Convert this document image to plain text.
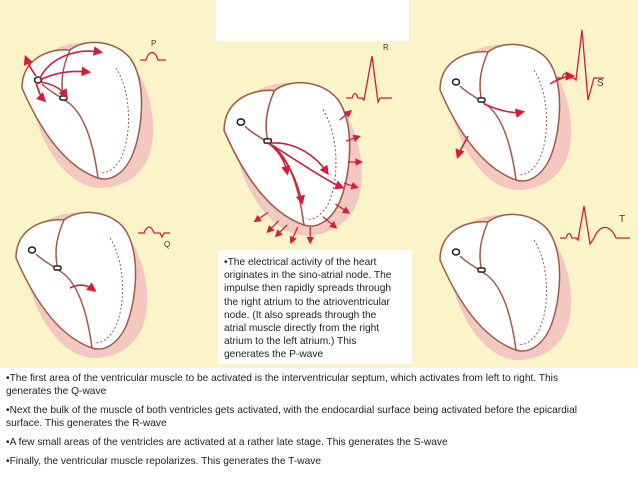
P	R
S
Q
T
•The electrical activity of the heart
originates in the sino-atrial node. The
impulse then rapidly spreads through
the right atrium to the atrioventricular
node. (It also spreads through the
atrial muscle directly from the right
atrium to the left atrium.) This
generates the P-wave
•The first area of the ventricular muscle to be activated is the interventricular septum, which activates from left to right. This
generates the Q-wave
•Next the bulk of the muscle of both ventricles gets activated, with the endocardial surface being activated before the epicardial
surface. This generates the R-wave
•A few small areas of the ventricles are activated at a rather late stage. This generates the S-wave
•Finally, the ventricular muscle repolarizes. This generates the T-wave
